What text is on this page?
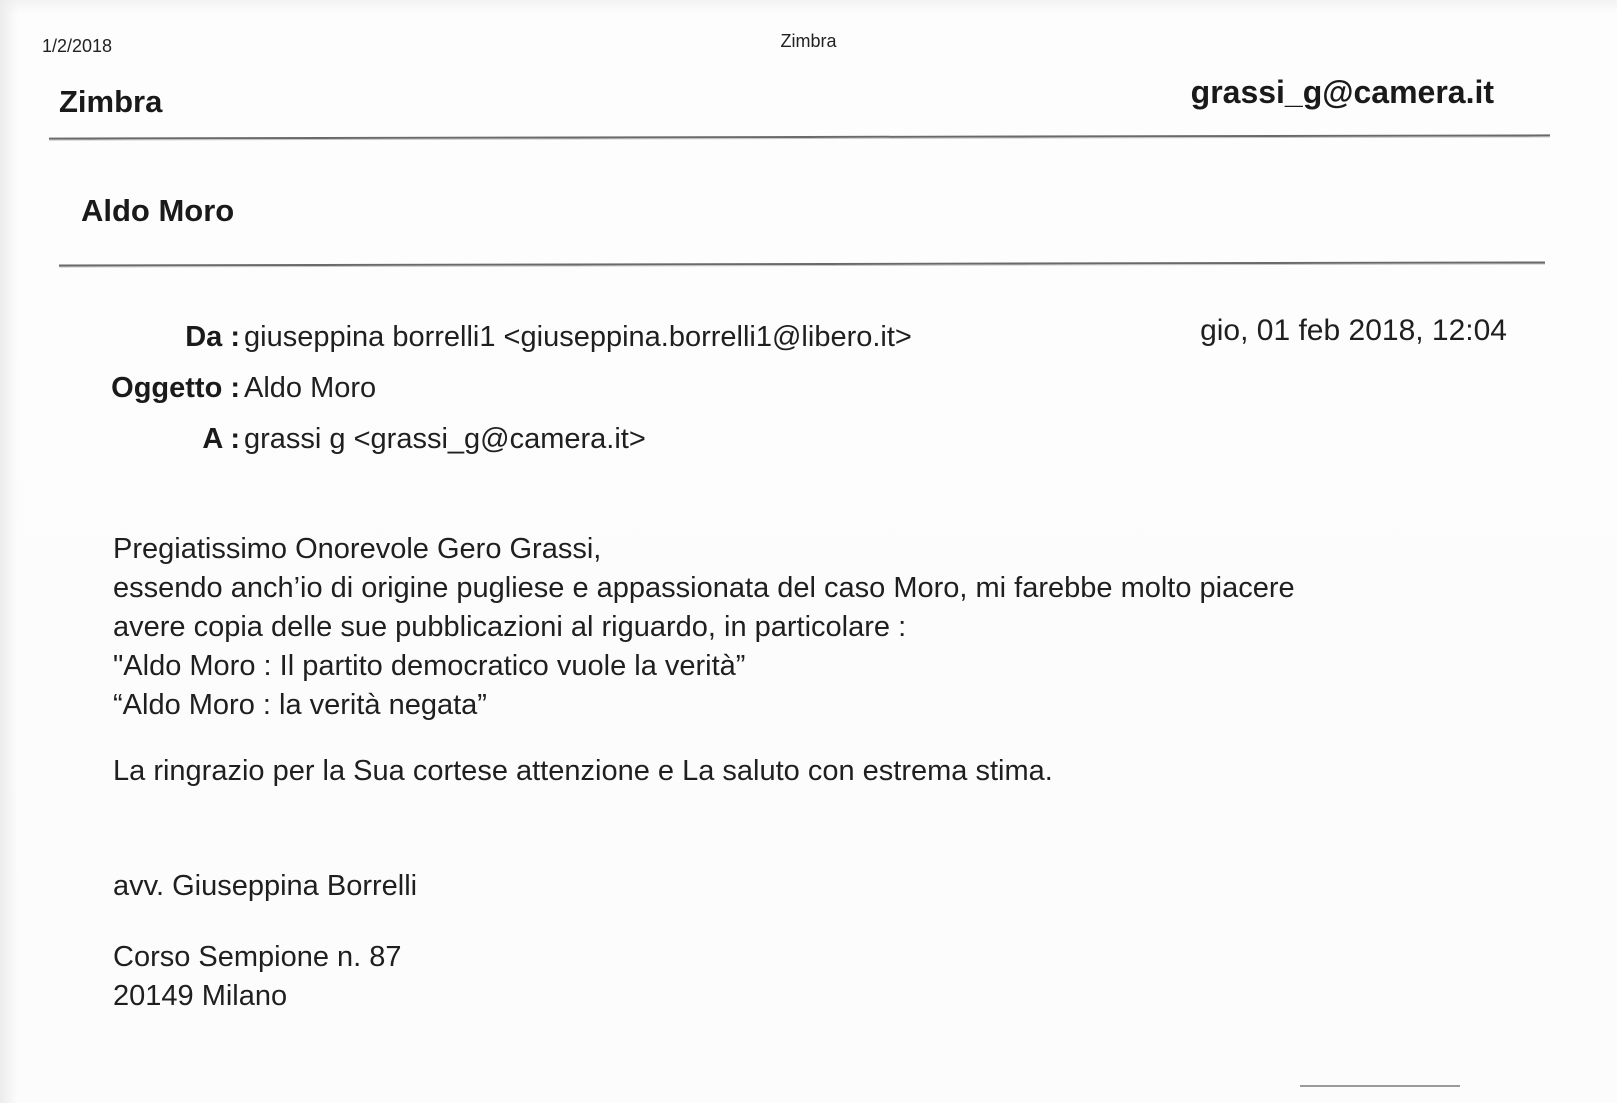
1/2/2018	Zimbra
Zimbra	grassi_g@camera.it
Aldo Moro
Da : giuseppina borrelli1 <giuseppina.borrelli1@libero.it>
Oggetto : Aldo Moro
A : grassi g <grassi_g@camera.it>
gio, 01 feb 2018, 12:04
Pregiatissimo Onorevole Gero Grassi,
essendo anch’io di origine pugliese e appassionata del caso Moro, mi farebbe molto piacere
avere copia delle sue pubblicazioni al riguardo, in particolare :
"Aldo Moro : Il partito democratico vuole la verità”
“Aldo Moro : la verità negata”
La ringrazio per la Sua cortese attenzione e La saluto con estrema stima.
avv. Giuseppina Borrelli
Corso Sempione n. 87
20149 Milano
